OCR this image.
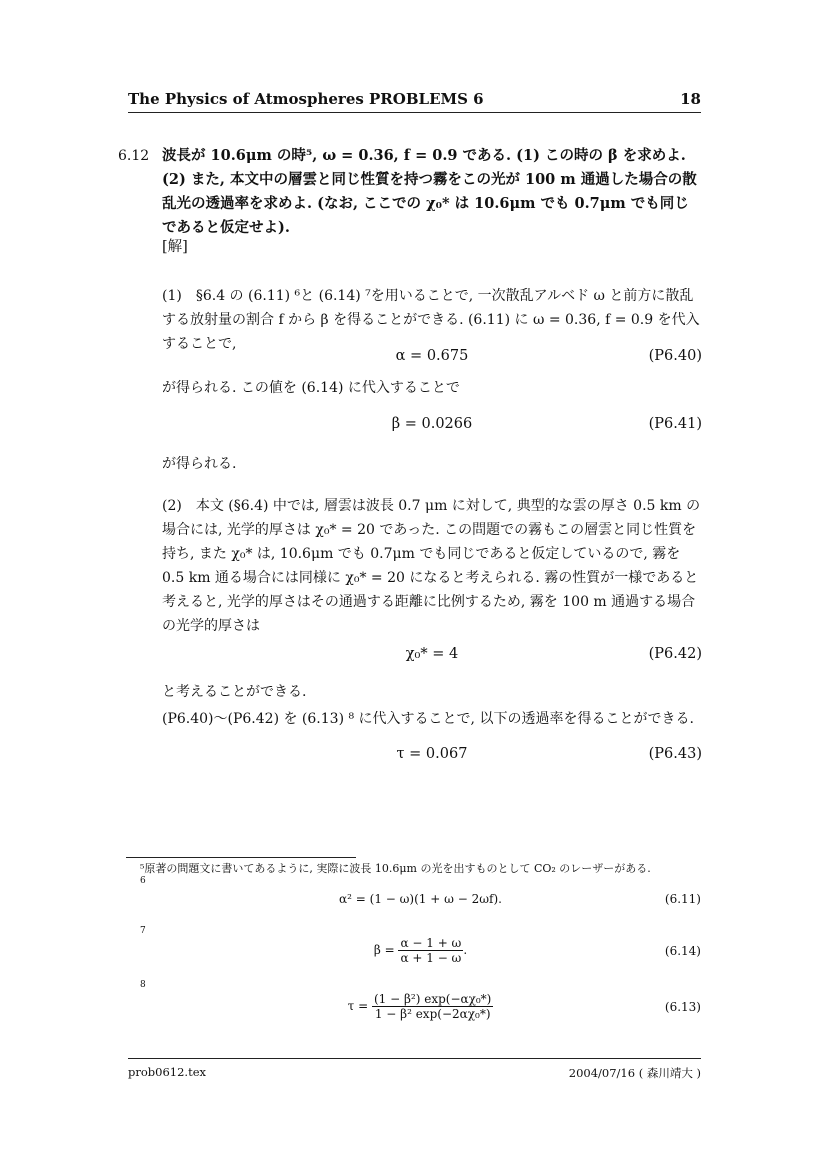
The Physics of Atmospheres PROBLEMS 6	18
6.12 波長が 10.6μm の時⁵, ω = 0.36, f = 0.9 である. (1) この時の β を求めよ. (2) また, 本文中の層雲と同じ性質を持つ霧をこの光が 100 m 通過した場合の散乱光の透過率を求めよ. (なお, ここでの χ₀* は 10.6μm でも 0.7μm でも同じであると仮定せよ).
[解]
(1)　§6.4 の (6.11) ⁶と (6.14) ⁷を用いることで, 一次散乱アルベド ω と前方に散乱する放射量の割合 f から β を得ることができる. (6.11) に ω = 0.36, f = 0.9 を代入することで,
α = 0.675	(P6.40)
が得られる. この値を (6.14) に代入することで
β = 0.0266	(P6.41)
が得られる.
(2)　本文 (§6.4) 中では, 層雲は波長 0.7 μm に対して, 典型的な雲の厚さ 0.5 km の場合には, 光学的厚さは χ₀* = 20 であった. この問題での霧もこの層雲と同じ性質を持ち, また χ₀* は, 10.6μm でも 0.7μm でも同じであると仮定しているので, 霧を 0.5 km 通る場合には同様に χ₀* = 20 になると考えられる. 霧の性質が一様であると考えると, 光学的厚さはその通過する距離に比例するため, 霧を 100 m 通過する場合の光学的厚さは
χ₀* = 4	(P6.42)
と考えることができる.
(P6.40)〜(P6.42) を (6.13) ⁸ に代入することで, 以下の透過率を得ることができる.
τ = 0.067	(P6.43)
⁵原著の問題文に書いてあるように, 実際に波長 10.6μm の光を出すものとして CO₂ のレーザーがある.
6
α² = (1 − ω)(1 + ω − 2ωf).	(6.11)
7
$\beta = \frac{\alpha - 1 + \omega}{\alpha + 1 - \omega}$ .	(6.14)
8
$\tau = \frac{\text{(1 − β²) exp(−αχ₀*)}}{\text{1 − β² exp(−2αχ₀*)}}$	(6.13)
prob0612.tex	2004/07/16 ( 森川靖大 )
